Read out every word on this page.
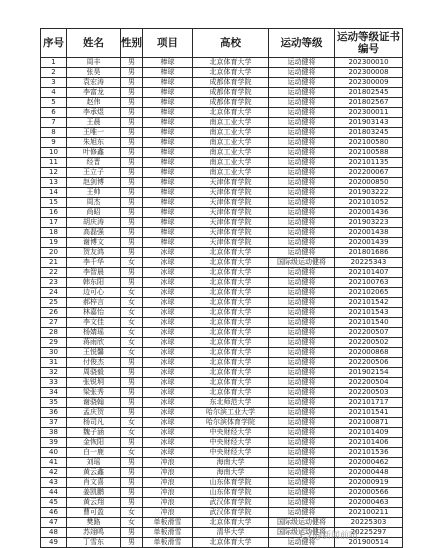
序号	姓名	性别	项目	高校	运动等级	运动等级证书编号
1	周丰	男	棒球	北京体育大学	运动健将	202300010
2	张昊	男	棒球	北京体育大学	运动健将	202300008
3	袁宏涛	男	棒球	成都体育学院	运动健将	202300009
4	李富龙	男	棒球	成都体育学院	运动健将	201802545
5	赵伟	男	棒球	成都体育学院	运动健将	201802567
6	李承煜	男	棒球	北京体育大学	运动健将	202300011
7	王晨	男	棒球	南京工业大学	运动健将	201903143
8	王唯一	男	棒球	南京工业大学	运动健将	201803245
9	朱旭东	男	棒球	南京工业大学	运动健将	202100580
10	叶修鑫	男	棒球	南京工业大学	运动健将	202100588
11	经晋	男	棒球	南京工业大学	运动健将	202101135
12	王立子	男	棒球	南京工业大学	运动健将	202200067
13	赵剑博	男	棒球	天津体育学院	运动健将	202000850
14	王帅	男	棒球	天津体育学院	运动健将	201903222
15	周杰	男	棒球	天津体育学院	运动健将	202101052
16	尚昭	男	棒球	天津体育学院	运动健将	202001436
17	胡庆涛	男	棒球	天津体育学院	运动健将	201903223
18	高磊强	男	棒球	天津体育学院	运动健将	202001438
19	谢博文	男	棒球	天津体育学院	运动健将	202001439
20	贺友鸿	男	冰球	北京体育大学	运动健将	201801686
21	李千华	女	冰球	北京体育大学	国际级运动健将	20225343
22	李智晨	男	冰球	北京体育大学	运动健将	202101407
23	韩东阳	男	冰球	北京体育大学	运动健将	202100763
24	边可心	女	冰球	北京体育大学	运动健将	202102065
25	郝梓言	女	冰球	北京体育大学	运动健将	202101542
26	林嘉怡	女	冰球	北京体育大学	运动健将	202101543
27	李文佳	女	冰球	北京体育大学	运动健将	202101540
28	杨婧瑶	女	冰球	北京体育大学	运动健将	202200507
29	蒋雨欣	女	冰球	北京体育大学	运动健将	202200502
30	王悦馨	女	冰球	北京体育大学	运动健将	202000868
31	付俊杰	男	冰球	北京体育大学	运动健将	202200506
32	周骁毅	男	冰球	北京体育大学	运动健将	201902154
33	张锐垌	男	冰球	北京体育大学	运动健将	202200504
34	梁张秀	男	冰球	北京体育大学	运动健将	202200503
35	谢骁翰	男	冰球	东北师范大学	运动健将	202101717
36	孟庆贺	男	冰球	哈尔滨工业大学	运动健将	202101541
37	杨司凡	女	冰球	哈尔滨体育学院	运动健将	202100871
38	魏子涵	女	冰球	中央财经大学	运动健将	202101409
39	金恢阳	男	冰球	中央财经大学	运动健将	202101406
40	白一鹿	女	冰球	中央财经大学	运动健将	202101536
41	刘瑶	男	冲浪	海南大学	运动健将	202000462
42	黄云鑫	男	冲浪	海南大学	运动健将	202000448
43	肖文喜	男	冲浪	山东体育学院	运动健将	202000919
44	姜凯鹏	男	冲浪	山东体育学院	运动健将	202000566
45	黄云翔	男	冲浪	武汉体育学院	运动健将	202000463
46	曹可盈	女	冲浪	武汉体育学院	运动健将	202100211
47	樊路	女	单板滑雪	北京体育大学	国际级运动健将	20225303
48	苏翊鸣	男	单板滑雪	清华大学	国际级运动健将	20225297
49	丁雪东	男	单板滑雪	北京体育大学	运动健将	201900514
@新闻前哨
